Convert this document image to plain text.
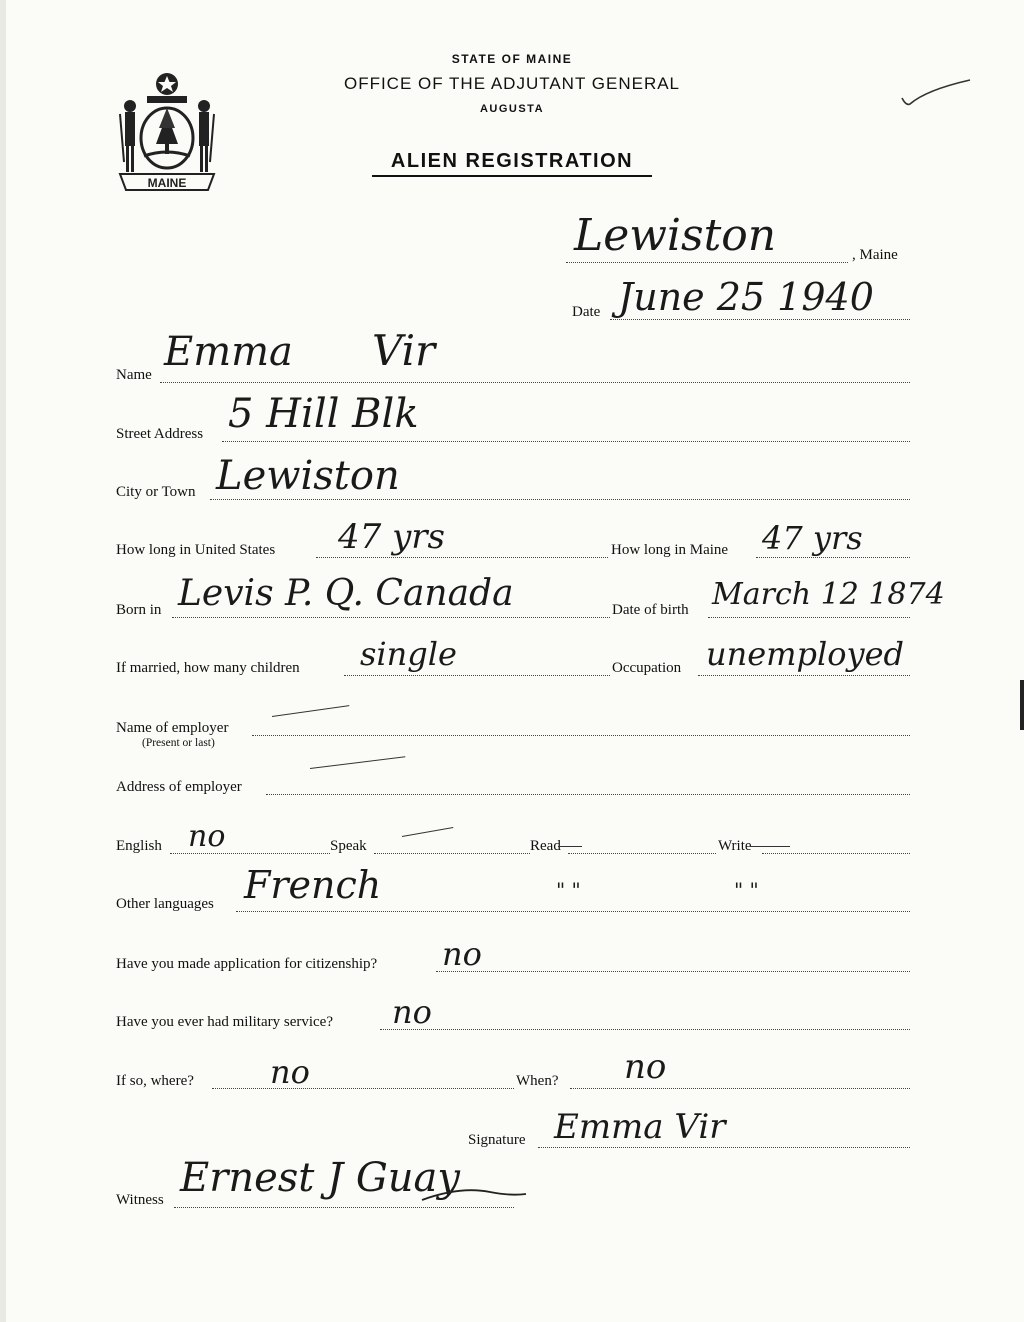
MAINE
STATE OF MAINE
OFFICE OF THE ADJUTANT GENERAL
AUGUSTA
ALIEN REGISTRATION
Lewiston	, Maine
Date June 25 1940
Name Emma Vir
Street Address 5 Hill Blk
City or Town Lewiston
How long in United States 47 yrs	How long in Maine 47 yrs
Born in Levis P. Q. Canada	Date of birth March 12 1874
If married, how many children single	Occupation unemployed
Name of employer
(Present or last)
Address of employer
English no	Speak	Read	Write
Other languages French	" "	" "
Have you made application for citizenship? no
Have you ever had military service? no
If so, where? no	When? no
Signature Emma Vir
Witness Ernest J Guay
